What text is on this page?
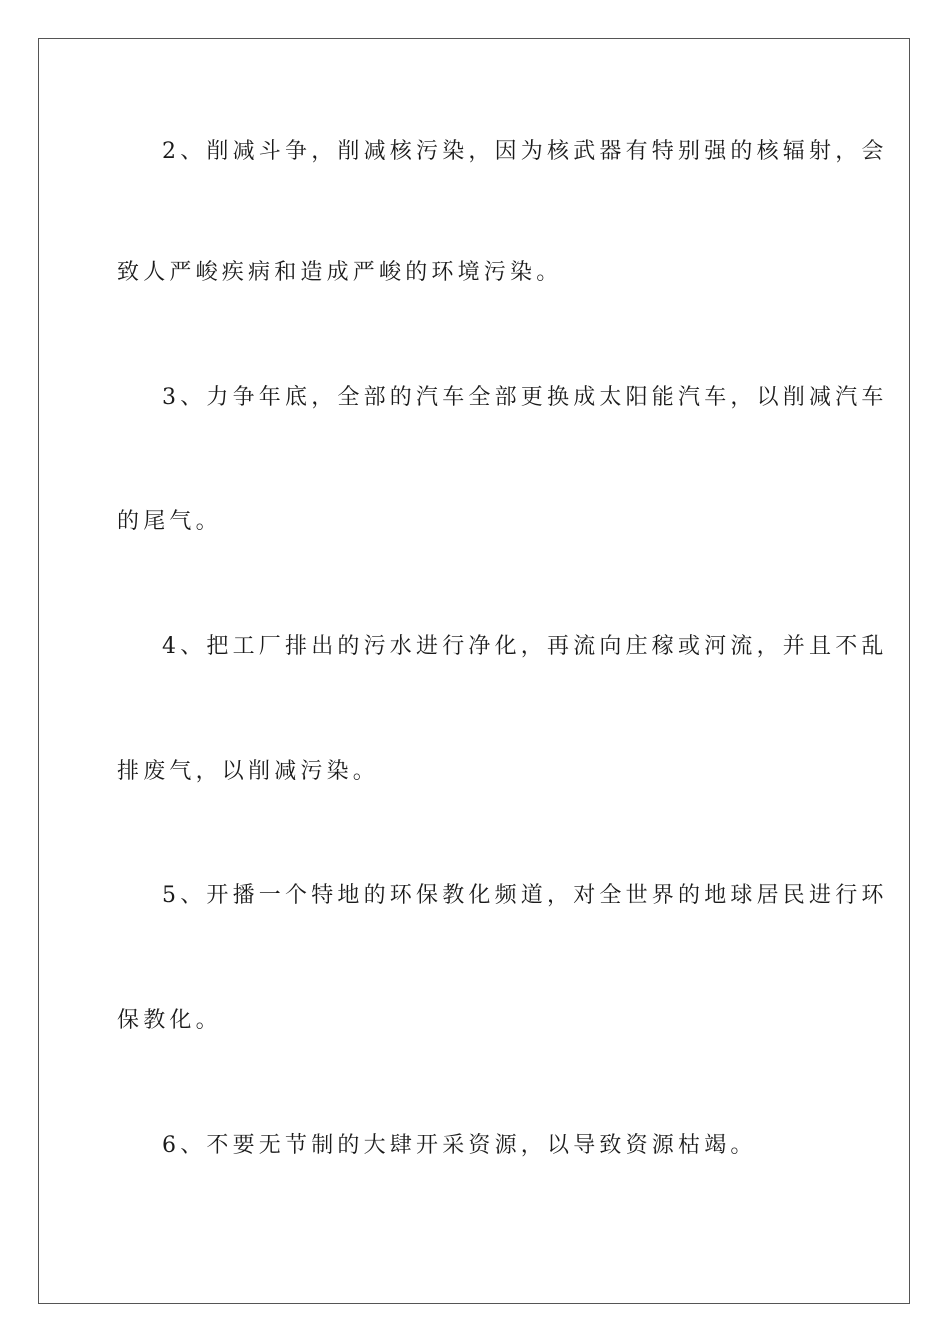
2、削减斗争，削减核污染，因为核武器有特别强的核辐射，会
致人严峻疾病和造成严峻的环境污染。
3、力争年底，全部的汽车全部更换成太阳能汽车，以削减汽车
的尾气。
4、把工厂排出的污水进行净化，再流向庄稼或河流，并且不乱
排废气，以削减污染。
5、开播一个特地的环保教化频道，对全世界的地球居民进行环
保教化。
6、不要无节制的大肆开采资源，以导致资源枯竭。
